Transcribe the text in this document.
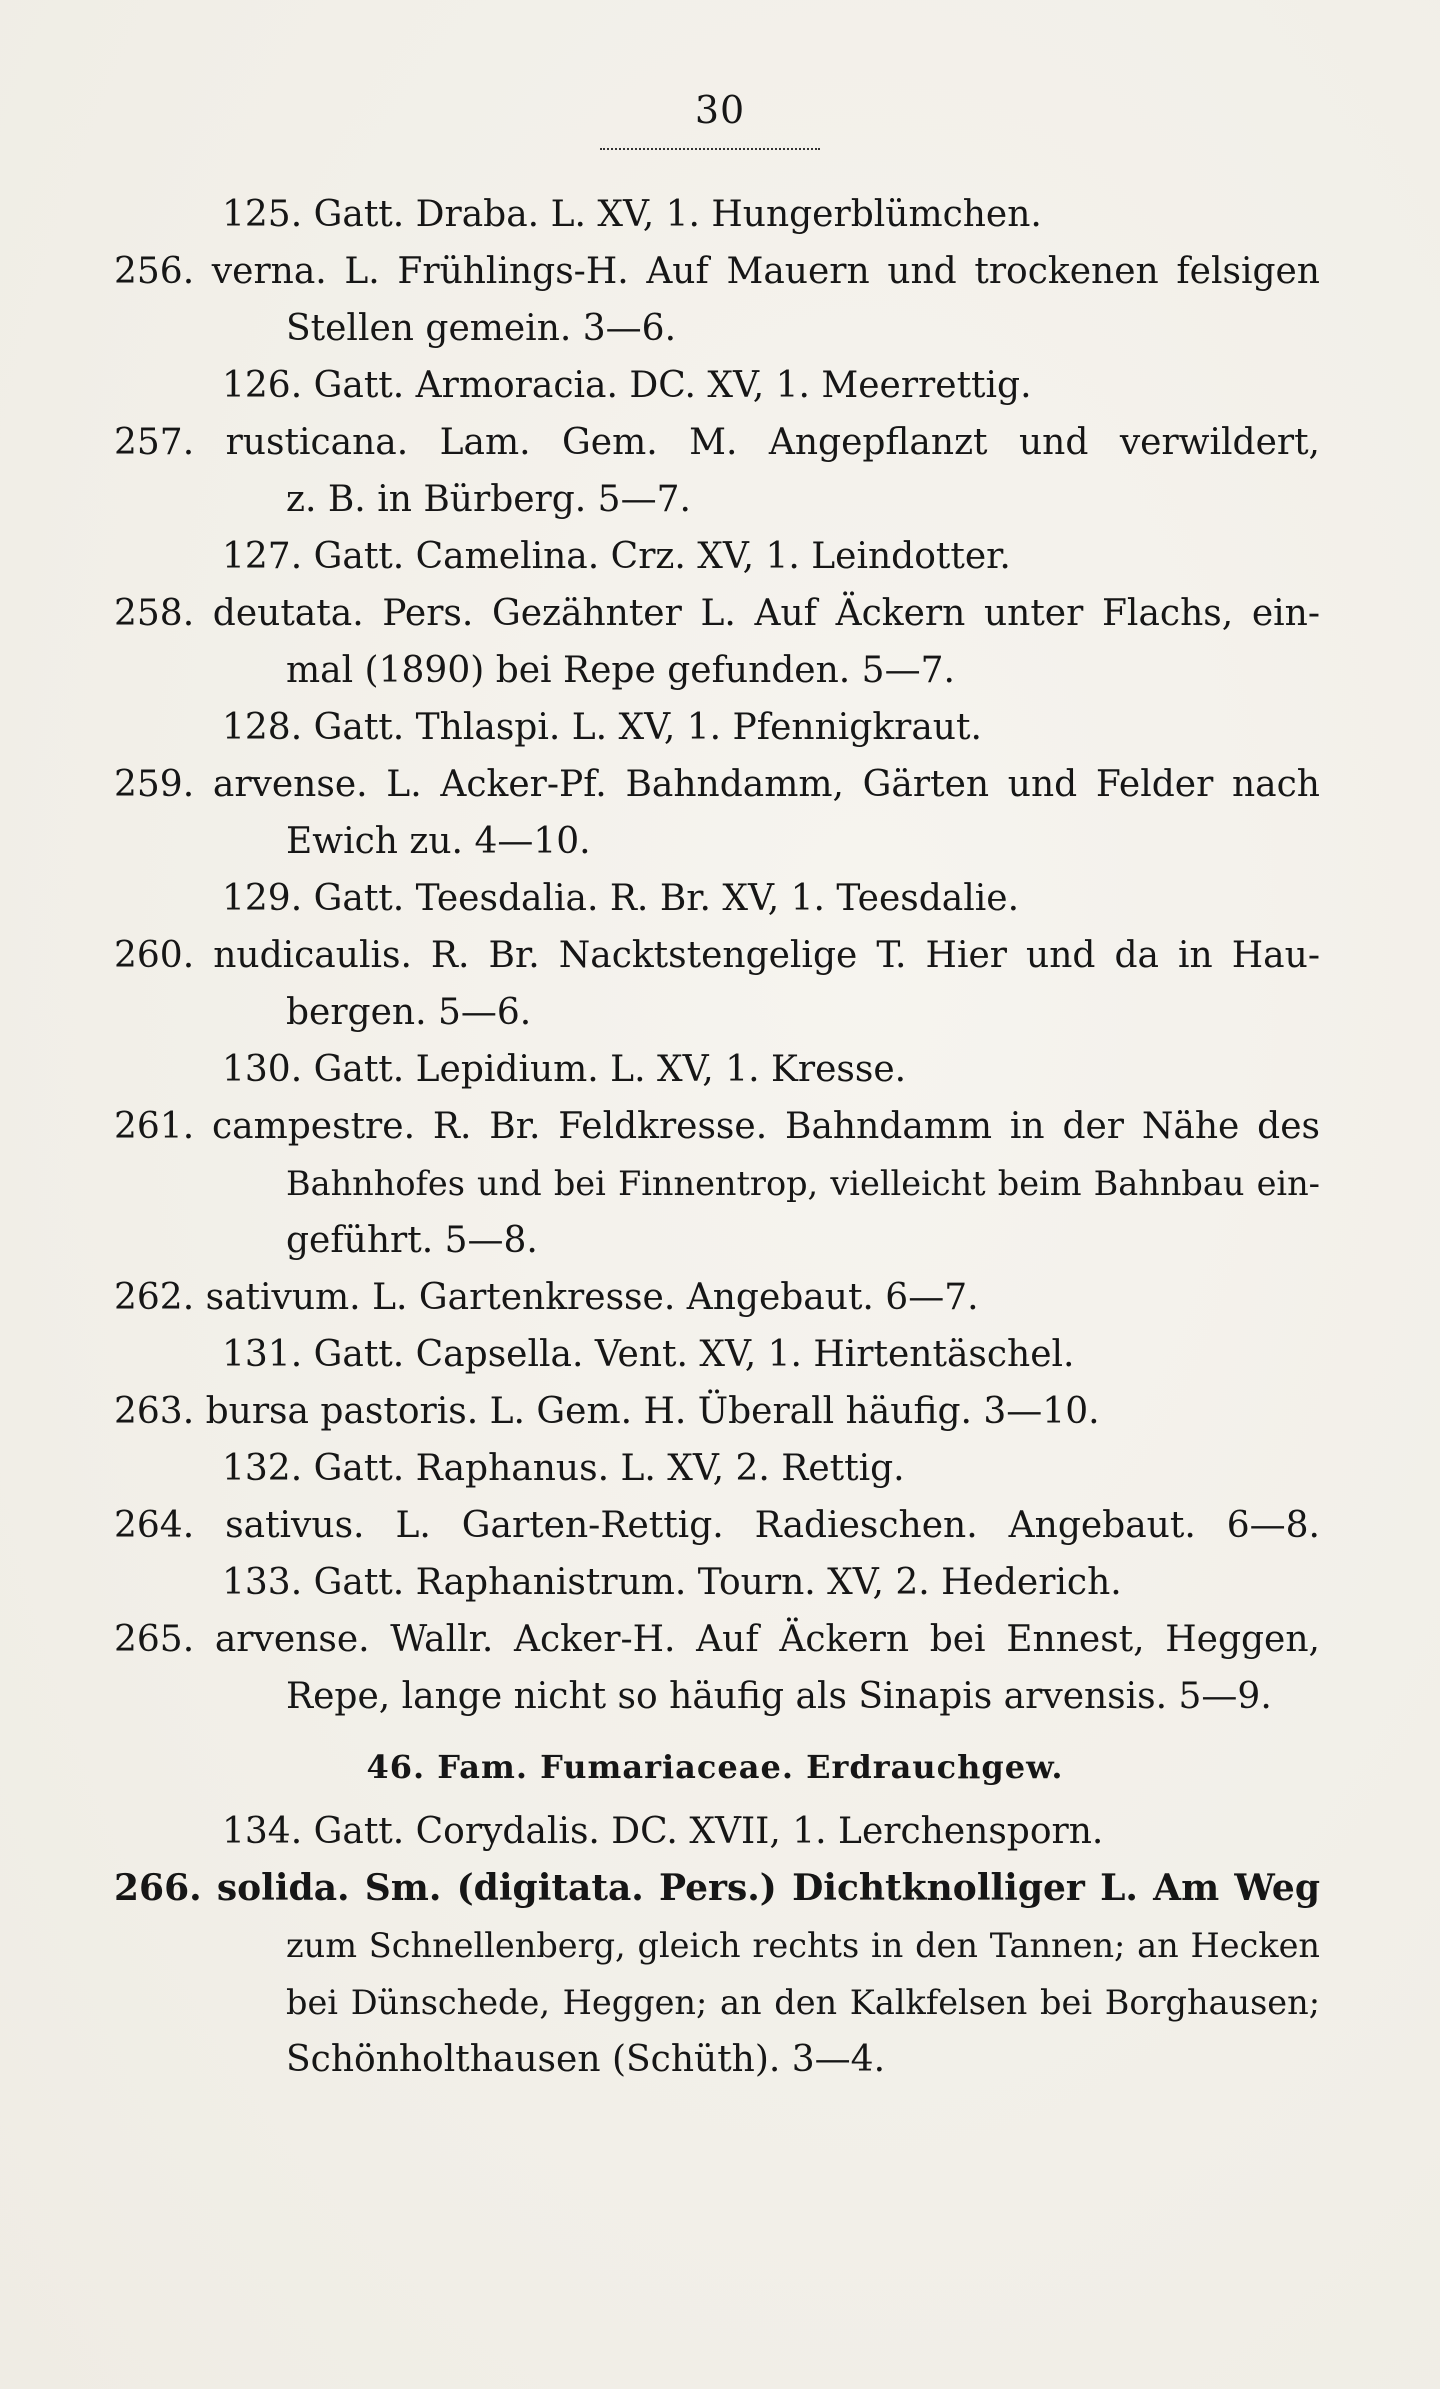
30
125. Gatt. Draba. L. XV, 1. Hungerblümchen.
256. verna. L. Frühlings-H. Auf Mauern und trockenen felsigen
Stellen gemein. 3—6.
126. Gatt. Armoracia. DC. XV, 1. Meerrettig.
257. rusticana. Lam. Gem. M. Angepflanzt und verwildert,
z. B. in Bürberg. 5—7.
127. Gatt. Camelina. Crz. XV, 1. Leindotter.
258. deutata. Pers. Gezähnter L. Auf Äckern unter Flachs, ein-
mal (1890) bei Repe gefunden. 5—7.
128. Gatt. Thlaspi. L. XV, 1. Pfennigkraut.
259. arvense. L. Acker-Pf. Bahndamm, Gärten und Felder nach
Ewich zu. 4—10.
129. Gatt. Teesdalia. R. Br. XV, 1. Teesdalie.
260. nudicaulis. R. Br. Nacktstengelige T. Hier und da in Hau-
bergen. 5—6.
130. Gatt. Lepidium. L. XV, 1. Kresse.
261. campestre. R. Br. Feldkresse. Bahndamm in der Nähe des
Bahnhofes und bei Finnentrop, vielleicht beim Bahnbau ein-
geführt. 5—8.
262. sativum. L. Gartenkresse. Angebaut. 6—7.
131. Gatt. Capsella. Vent. XV, 1. Hirtentäschel.
263. bursa pastoris. L. Gem. H. Überall häufig. 3—10.
132. Gatt. Raphanus. L. XV, 2. Rettig.
264. sativus. L. Garten-Rettig. Radieschen. Angebaut. 6—8.
133. Gatt. Raphanistrum. Tourn. XV, 2. Hederich.
265. arvense. Wallr. Acker-H. Auf Äckern bei Ennest, Heggen,
Repe, lange nicht so häufig als Sinapis arvensis. 5—9.
46. Fam. Fumariaceae. Erdrauchgew.
134. Gatt. Corydalis. DC. XVII, 1. Lerchensporn.
266. solida. Sm. (digitata. Pers.) Dichtknolliger L. Am Weg
zum Schnellenberg, gleich rechts in den Tannen; an Hecken
bei Dünschede, Heggen; an den Kalkfelsen bei Borghausen;
Schönholthausen (Schüth). 3—4.
